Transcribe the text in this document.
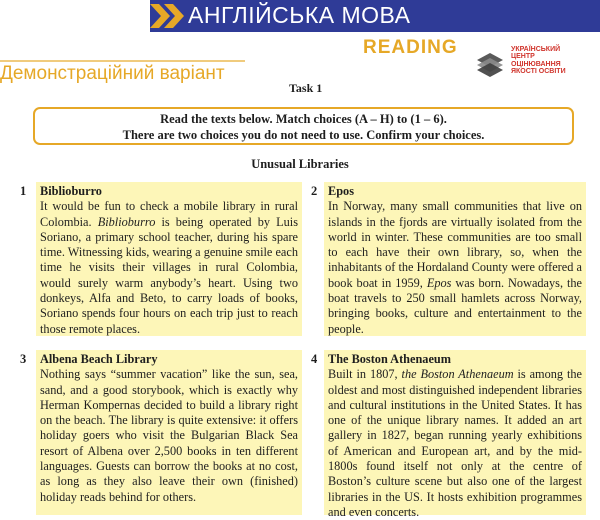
АНГЛІЙСЬКА МОВА
READING
Демонстраційний варіант
УКРАЇНСЬКИЙ
ЦЕНТР
ОЦІНЮВАННЯ
ЯКОСТІ ОСВІТИ
Task 1
Read the texts below. Match choices (A – H) to (1 – 6).
There are two choices you do not need to use. Confirm your choices.
Unusual Libraries
1 Biblioburro
It would be fun to check a mobile library in rural Colombia. Biblioburro is being operated by Luis Soriano, a primary school teacher, during his spare time. Witnessing kids, wearing a genuine smile each time he visits their villages in rural Colombia, would surely warm anybody’s heart. Using two donkeys, Alfa and Beto, to carry loads of books, Soriano spends four hours on each trip just to reach those remote places.
2 Epos
In Norway, many small communities that live on islands in the fjords are virtually isolated from the world in winter. These communities are too small to each have their own library, so, when the inhabitants of the Hordaland County were offered a book boat in 1959, Epos was born. Nowadays, the boat travels to 250 small hamlets across Norway, bringing books, culture and entertainment to the people.
3 Albena Beach Library
Nothing says “summer vacation” like the sun, sea, sand, and a good storybook, which is exactly why Herman Kompernas decided to build a library right on the beach. The library is quite extensive: it offers holiday goers who visit the Bulgarian Black Sea resort of Albena over 2,500 books in ten different languages. Guests can borrow the books at no cost, as long as they also leave their own (finished) holiday reads behind for others.
4 The Boston Athenaeum
Built in 1807, the Boston Athenaeum is among the oldest and most distinguished independent libraries and cultural institutions in the United States. It has one of the unique library names. It added an art gallery in 1827, began running yearly exhibitions of American and European art, and by the mid-1800s found itself not only at the centre of Boston’s culture scene but also one of the largest libraries in the US. It hosts exhibition programmes and even concerts.
